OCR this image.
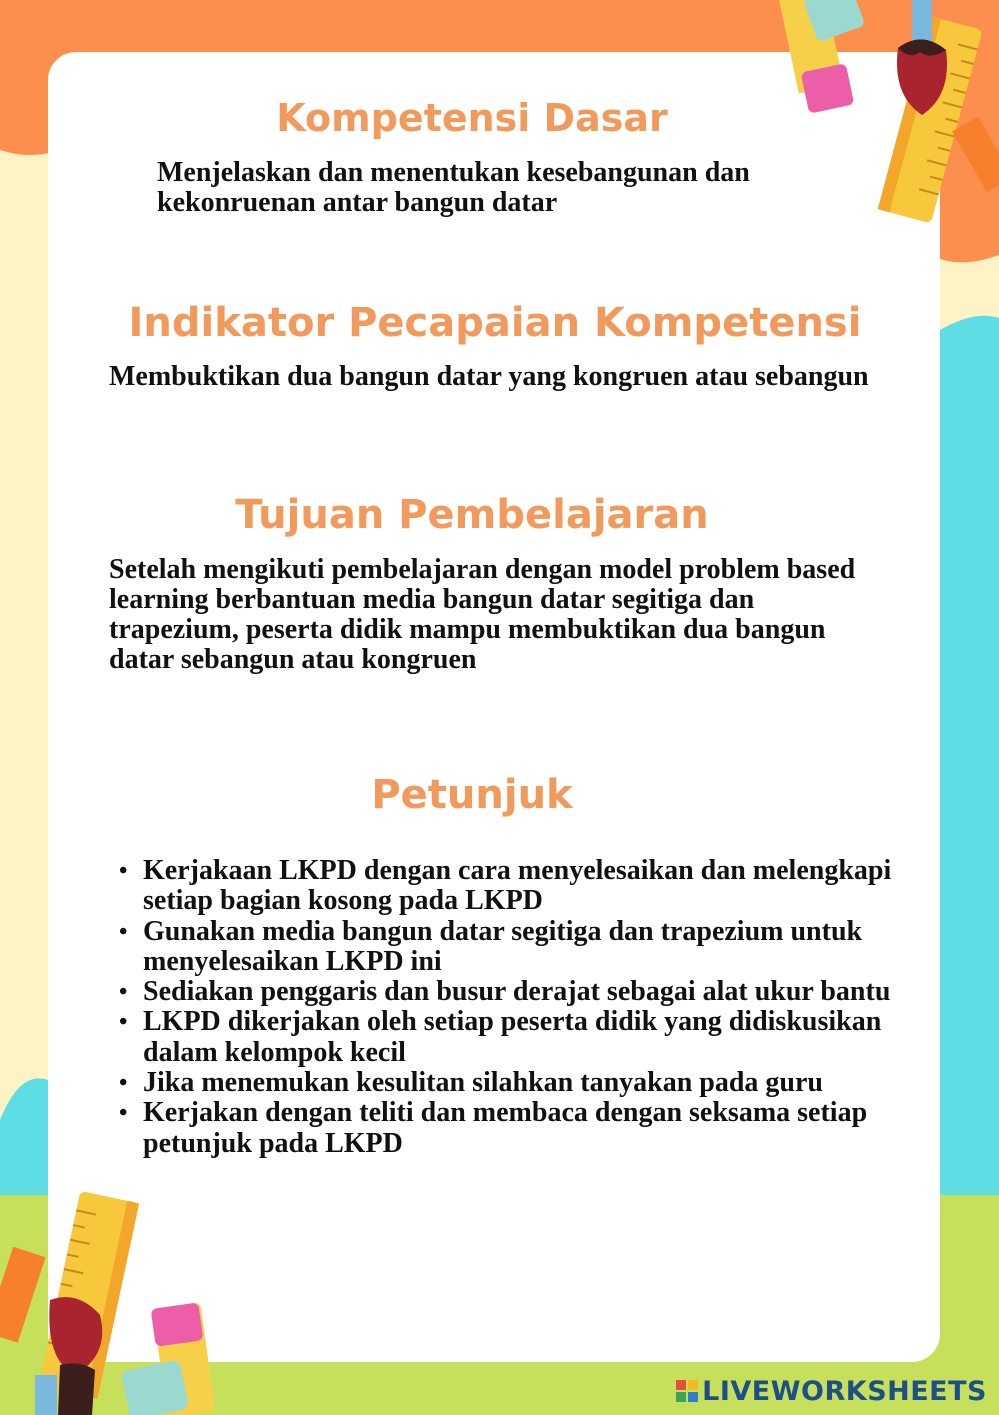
Kompetensi Dasar

Menjelaskan dan menentukan kesebangunan dan
kekonruenan antar bangun datar

Indikator Pecapaian Kompetensi

Membuktikan dua bangun datar yang kongruen atau sebangun

Tujuan Pembelajaran

Setelah mengikuti pembelajaran dengan model problem based
learning berbantuan media bangun datar segitiga dan
trapezium, peserta didik mampu membuktikan dua bangun
datar sebangun atau kongruen

Petunjuk
• Kerjakaan LKPD dengan cara menyelesaikan dan melengkapi setiap bagian kosong pada LKPD
• Gunakan media bangun datar segitiga dan trapezium untuk menyelesaikan LKPD ini
• Sediakan penggaris dan busur derajat sebagai alat ukur bantu
• LKPD dikerjakan oleh setiap peserta didik yang didiskusikan dalam kelompok kecil
• Jika menemukan kesulitan silahkan tanyakan pada guru
• Kerjakan dengan teliti dan membaca dengan seksama setiap petunjuk pada LKPD
LIVEWORKSHEETS
